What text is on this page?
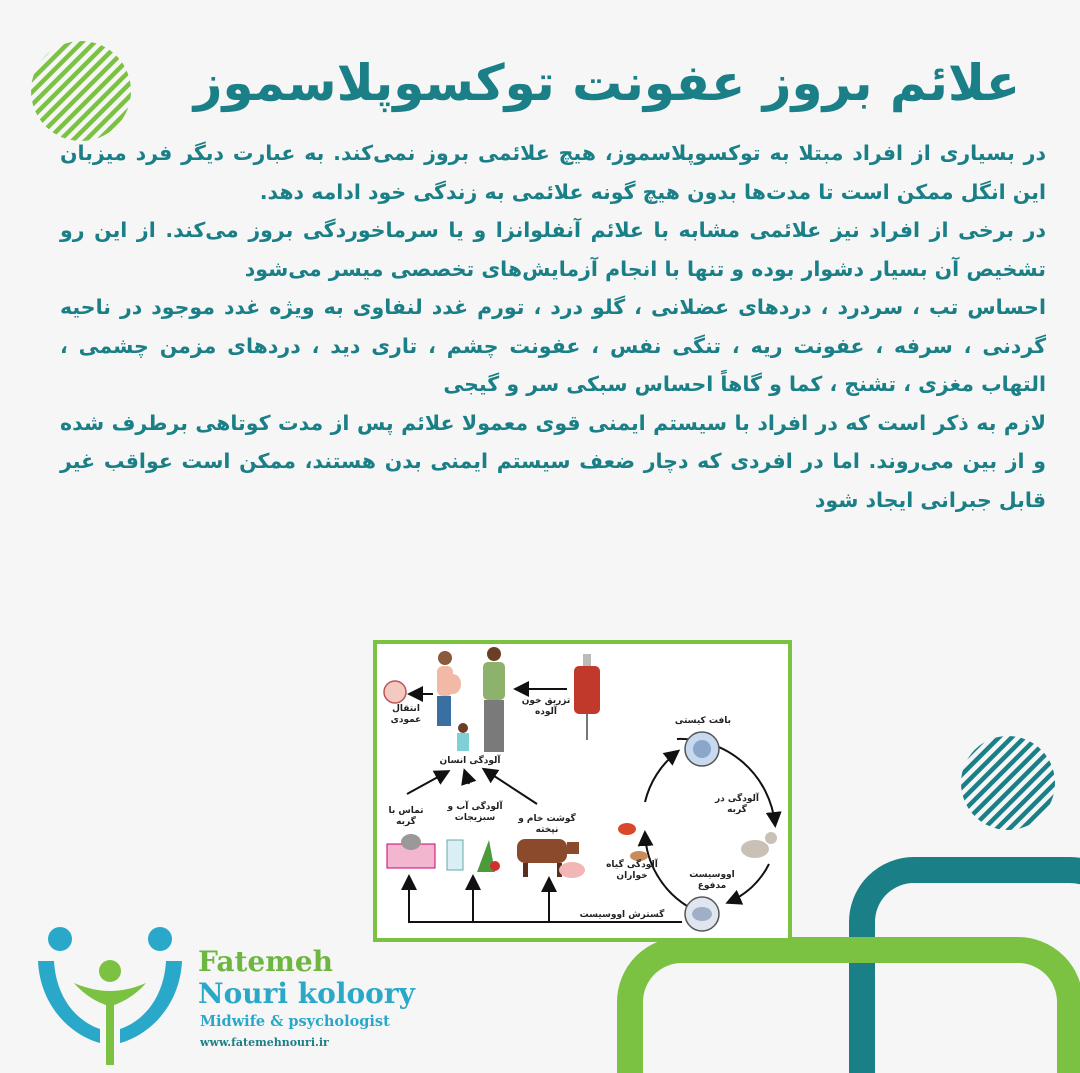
علائم بروز عفونت توکسوپلاسموز

در بسیاری از افراد مبتلا به توکسوپلاسموز، هیچ علائمی بروز نمی‌کند. به عبارت دیگر فرد میزبان این انگل ممکن است تا مدت‌ها بدون هیچ گونه علائمی به زندگی خود ادامه دهد.

در برخی از افراد نیز علائمی مشابه با علائم آنفلوانزا و یا سرماخوردگی بروز می‌کند. از این رو تشخیص آن بسیار دشوار بوده و تنها با انجام آزمایش‌های تخصصی میسر می‌شود

احساس تب ، سردرد ، دردهای عضلانی ، گلو درد ، تورم غدد لنفاوی به ویژه غدد موجود در ناحیه گردنی ، سرفه ، عفونت ریه ، تنگی نفس ، عفونت چشم ، تاری دید ، دردهای مزمن چشمی ، التهاب مغزی ، تشنج ، کما و گاهاً احساس سبکی سر و گیجی

لازم به ذکر است که در افراد با سیستم ایمنی قوی معمولا علائم پس از مدت کوتاهی برطرف شده و از بین می‌روند. اما در افردی که دچار ضعف سیستم ایمنی بدن هستند، ممکن است عواقب غیر قابل جبرانی ایجاد شود

تزریق خون آلوده
انتقال عمودی
آلودگی انسان
تماس با گربه
آلودگی آب و سبزیجات	گوشت خام و نپخته
بافت کیستی
آلودگی در گربه
آلودگی گیاه خواران	اووسیست مدفوع
گسترش اووسیست
Fatemeh
Nouri koloory
Midwife & psychologist
www.fatemehnouri.ir
